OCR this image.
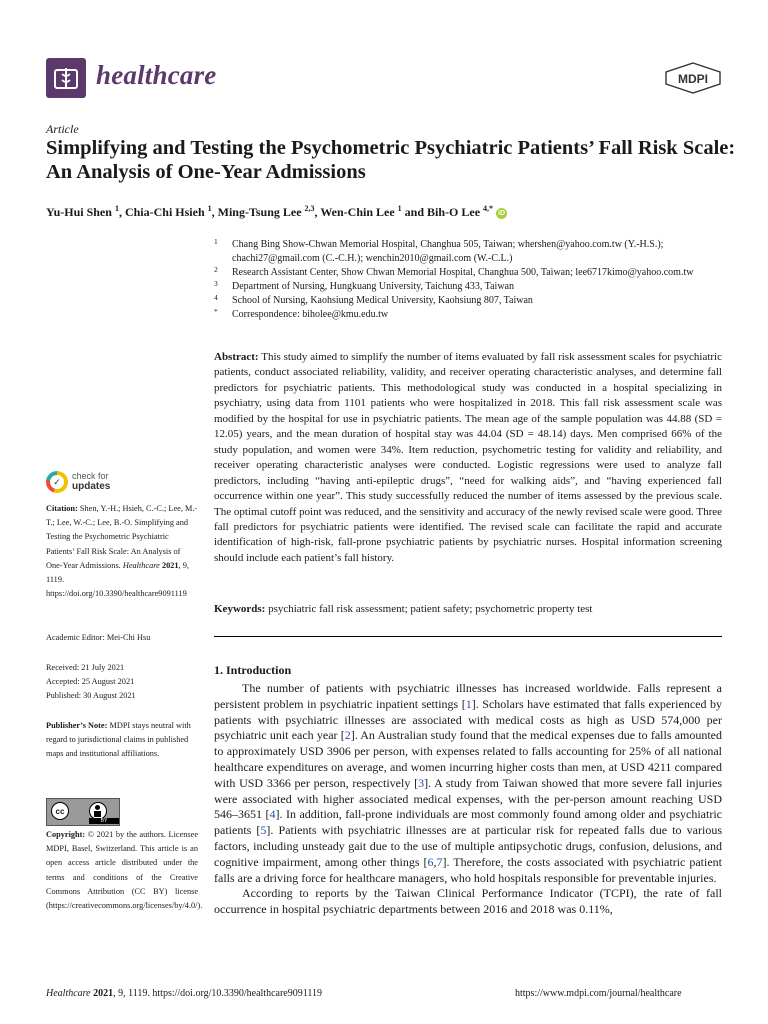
healthcare	MDPI
Article
Simplifying and Testing the Psychometric Psychiatric Patients’ Fall Risk Scale: An Analysis of One-Year Admissions
Yu-Hui Shen $^1$, Chia-Chi Hsieh $^1$, Ming-Tsung Lee $^{2,3}$, Wen-Chin Lee $^1$ and Bih-O Lee $^{4,*}$ iD
1 Chang Bing Show-Chwan Memorial Hospital, Changhua 505, Taiwan; whershen@yahoo.com.tw (Y.-H.S.); chachi27@gmail.com (C.-C.H.); wenchin2010@gmail.com (W.-C.L.)
2 Research Assistant Center, Show Chwan Memorial Hospital, Changhua 500, Taiwan; lee6717kimo@yahoo.com.tw
3 Department of Nursing, Hungkuang University, Taichung 433, Taiwan
4 School of Nursing, Kaohsiung Medical University, Kaohsiung 807, Taiwan
* Correspondence: biholee@kmu.edu.tw
Abstract: This study aimed to simplify the number of items evaluated by fall risk assessment scales for psychiatric patients, conduct associated reliability, validity, and receiver operating characteristic analyses, and determine fall predictors for psychiatric patients. This methodological study was conducted in a hospital specializing in psychiatry, using data from 1101 patients who were hospitalized in 2018. This fall risk assessment scale was modified by the hospital for use in psychiatric patients. The mean age of the sample population was 44.88 (SD = 12.05) years, and the mean duration of hospital stay was 44.04 (SD = 48.14) days. Men comprised 66% of the study population, and women were 34%. Item reduction, psychometric testing for validity and reliability, and receiver operating characteristic analyses were conducted. Logistic regressions were used to analyze fall predictors, including “having anti-epileptic drugs”, “need for walking aids”, and “having experienced fall occurrence within one year”. This study successfully reduced the number of items assessed by the previous scale. The optimal cutoff point was reduced, and the sensitivity and accuracy of the newly revised scale were good. Three fall predictors for psychiatric patients were identified. The revised scale can facilitate the rapid and accurate identification of high-risk, fall-prone psychiatric patients by psychiatric nurses. Hospital information screening should include each patient’s fall history.
Keywords: psychiatric fall risk assessment; patient safety; psychometric property test
✓
check for
updates
Citation: Shen, Y.-H.; Hsieh, C.-C.; Lee, M.-T.; Lee, W.-C.; Lee, B.-O. Simplifying and Testing the Psychometric Psychiatric Patients’ Fall Risk Scale: An Analysis of One-Year Admissions. Healthcare 2021, 9, 1119. https://doi.org/10.3390/healthcare9091119
Academic Editor: Mei-Chi Hsu
Received: 21 July 2021
Accepted: 25 August 2021
Published: 30 August 2021
Publisher’s Note: MDPI stays neutral with regard to jurisdictional claims in published maps and institutional affiliations.
cc
BY
Copyright: © 2021 by the authors. Licensee MDPI, Basel, Switzerland. This article is an open access article distributed under the terms and conditions of the Creative Commons Attribution (CC BY) license (https://creativecommons.org/licenses/by/4.0/).
1. Introduction

The number of patients with psychiatric illnesses has increased worldwide. Falls represent a persistent problem in psychiatric inpatient settings [1]. Scholars have estimated that falls experienced by patients with psychiatric illnesses are associated with medical costs as high as USD 574,000 per psychiatric unit each year [2]. An Australian study found that the medical expenses due to falls amounted to approximately USD 3906 per person, with expenses related to falls accounting for 25% of all national healthcare expenditures on average, and women incurring higher costs than men, at USD 4211 compared with USD 3366 per person, respectively [3]. A study from Taiwan showed that more severe fall injuries were associated with higher associated medical expenses, with the per-person amount reaching USD 546–3651 [4]. In addition, fall-prone individuals are most commonly found among older and psychiatric patients [5]. Patients with psychiatric illnesses are at particular risk for repeated falls due to various factors, including unsteady gait due to the use of multiple antipsychotic drugs, confusion, delusions, and cognitive impairment, among other things [6,7]. Therefore, the costs associated with psychiatric patient falls are a driving force for healthcare managers, who hold hospitals responsible for preventable injuries.

According to reports by the Taiwan Clinical Performance Indicator (TCPI), the rate of fall occurrence in hospital psychiatric departments between 2016 and 2018 was 0.11%,

Healthcare 2021, 9, 1119. https://doi.org/10.3390/healthcare9091119	https://www.mdpi.com/journal/healthcare
